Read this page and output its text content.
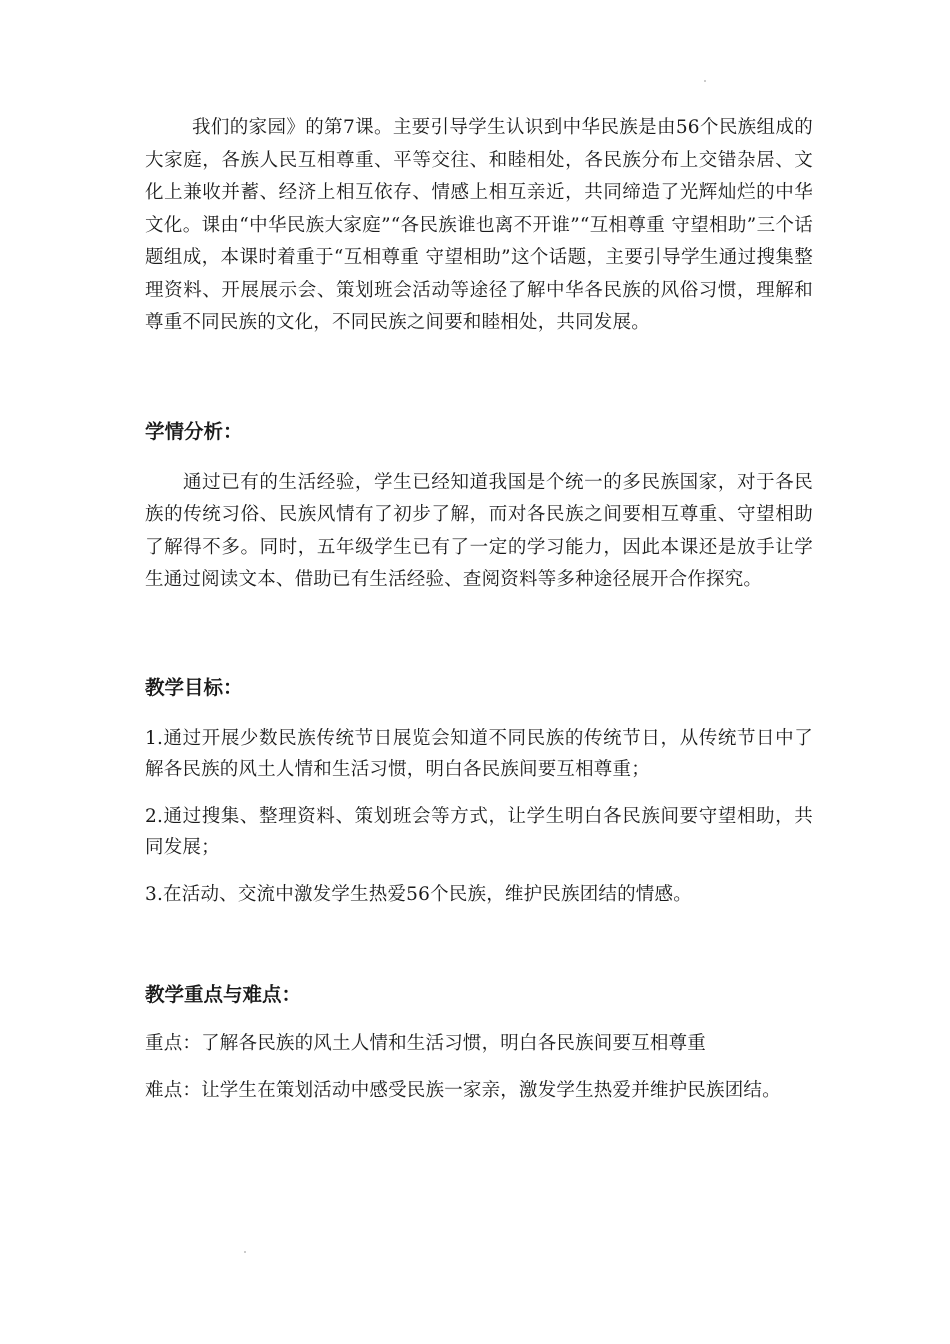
我们的家园》的第7课。主要引导学生认识到中华民族是由56个民族组成的大家庭，各族人民互相尊重、平等交往、和睦相处，各民族分布上交错杂居、文化上兼收并蓄、经济上相互依存、情感上相互亲近，共同缔造了光辉灿烂的中华文化。课由“中华民族大家庭”“各民族谁也离不开谁”“互相尊重 守望相助”三个话题组成，本课时着重于“互相尊重 守望相助”这个话题，主要引导学生通过搜集整理资料、开展展示会、策划班会活动等途径了解中华各民族的风俗习惯，理解和尊重不同民族的文化，不同民族之间要和睦相处，共同发展。

学情分析：

通过已有的生活经验，学生已经知道我国是个统一的多民族国家，对于各民族的传统习俗、民族风情有了初步了解，而对各民族之间要相互尊重、守望相助了解得不多。同时，五年级学生已有了一定的学习能力，因此本课还是放手让学生通过阅读文本、借助已有生活经验、查阅资料等多种途径展开合作探究。

教学目标：

1.通过开展少数民族传统节日展览会知道不同民族的传统节日，从传统节日中了解各民族的风土人情和生活习惯，明白各民族间要互相尊重；

2.通过搜集、整理资料、策划班会等方式，让学生明白各民族间要守望相助，共同发展；

3.在活动、交流中激发学生热爱56个民族，维护民族团结的情感。

教学重点与难点：

重点：了解各民族的风土人情和生活习惯，明白各民族间要互相尊重

难点：让学生在策划活动中感受民族一家亲，激发学生热爱并维护民族团结。
